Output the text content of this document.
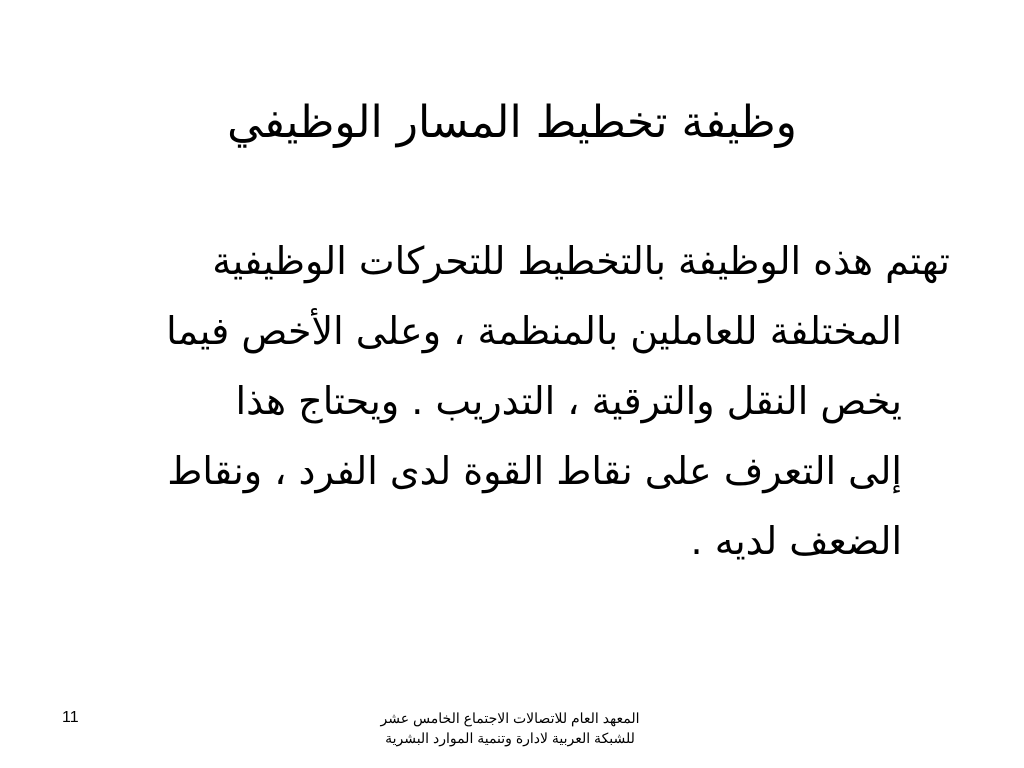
وظيفة تخطيط المسار الوظيفي
تهتم هذه الوظيفة بالتخطيط للتحركات الوظيفية
المختلفة للعاملين بالمنظمة ، وعلى الأخص فيما
يخص النقل والترقية ، التدريب . ويحتاج هذا
إلى التعرف على نقاط القوة لدى الفرد ، ونقاط
الضعف لديه .
11	المعهد العام للاتصالات الاجتماع الخامس عشر
للشبكة العربية لادارة وتنمية الموارد البشرية
